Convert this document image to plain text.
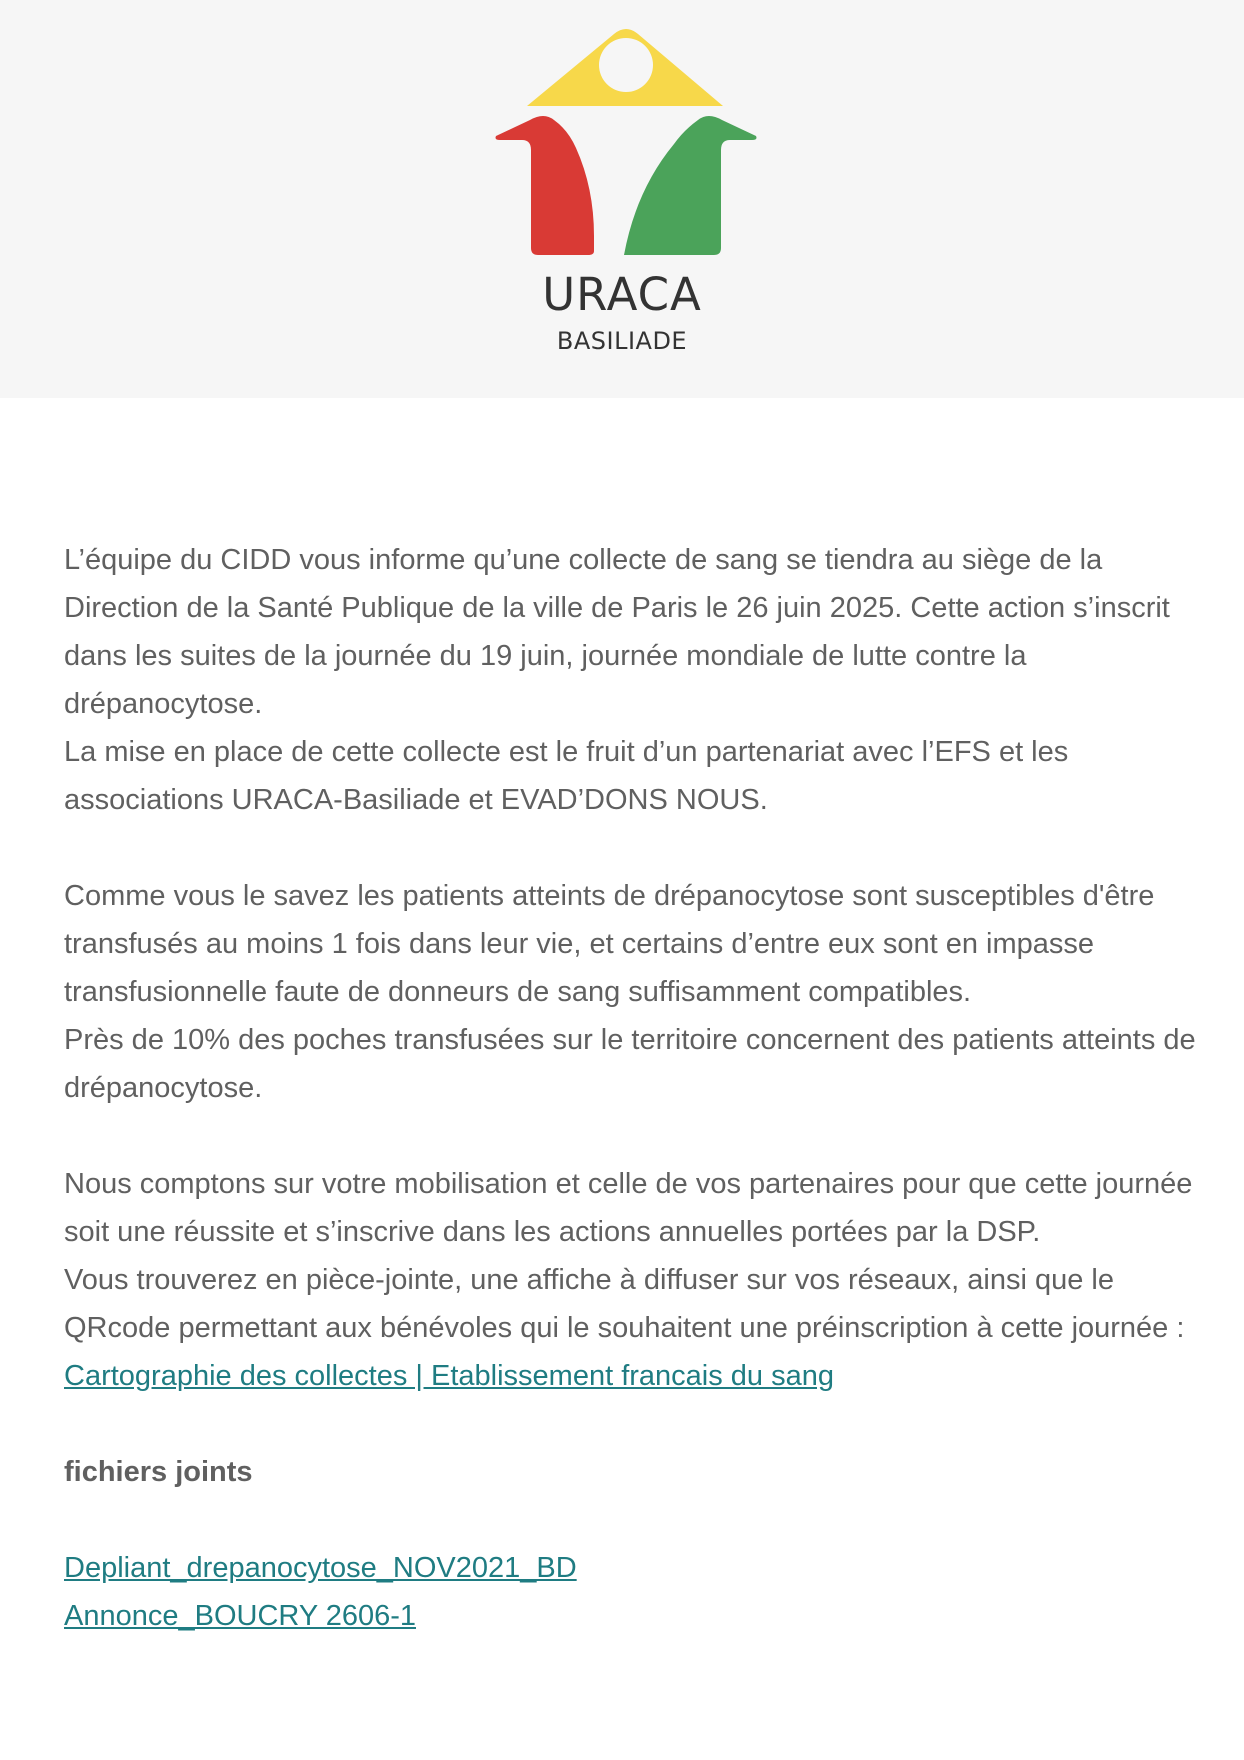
URACA
BASILIADE

L’équipe du CIDD vous informe qu’une collecte de sang se tiendra au siège de la Direction de la Santé Publique de la ville de Paris le 26 juin 2025. Cette action s’inscrit dans les suites de la journée du 19 juin, journée mondiale de lutte contre la drépanocytose.

La mise en place de cette collecte est le fruit d’un partenariat avec l’EFS et les associations URACA-Basiliade et EVAD’DONS NOUS.

Comme vous le savez les patients atteints de drépanocytose sont susceptibles d'être transfusés au moins 1 fois dans leur vie, et certains d’entre eux sont en impasse transfusionnelle faute de donneurs de sang suffisamment compatibles.

Près de 10% des poches transfusées sur le territoire concernent des patients atteints de drépanocytose.

Nous comptons sur votre mobilisation et celle de vos partenaires pour que cette journée soit une réussite et s’inscrive dans les actions annuelles portées par la DSP.

Vous trouverez en pièce-jointe, une affiche à diffuser sur vos réseaux, ainsi que le QRcode permettant aux bénévoles qui le souhaitent une préinscription à cette journée : Cartographie des collectes | Etablissement francais du sang

fichiers joints

Depliant_drepanocytose_NOV2021_BD

Annonce_BOUCRY 2606-1
